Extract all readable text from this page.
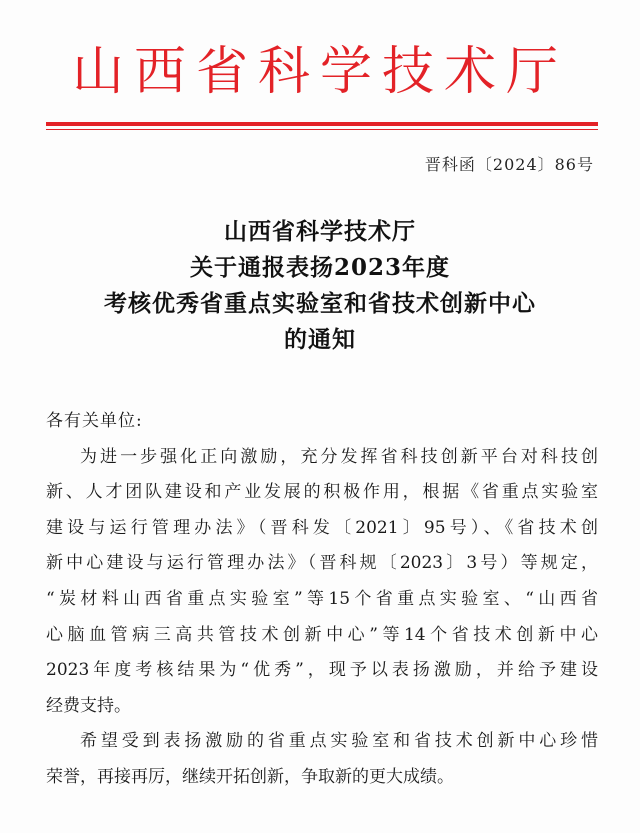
山西省科学技术厅
晋科函〔2024〕86号
山西省科学技术厅
关于通报表扬2023年度
考核优秀省重点实验室和省技术创新中心
的通知
各有关单位:
为进一步强化正向激励，充分发挥省科技创新平台对科技创
新、人才团队建设和产业发展的积极作用，根据《省重点实验室
建设与运行管理办法》（晋科发〔2021〕95号）、《省技术创
新中心建设与运行管理办法》（晋科规〔2023〕3号）等规定，
“炭材料山西省重点实验室”等15个省重点实验室、“山西省
心脑血管病三高共管技术创新中心”等14个省技术创新中心
2023年度考核结果为“优秀”，现予以表扬激励，并给予建设
经费支持。
希望受到表扬激励的省重点实验室和省技术创新中心珍惜
荣誉，再接再厉，继续开拓创新，争取新的更大成绩。
